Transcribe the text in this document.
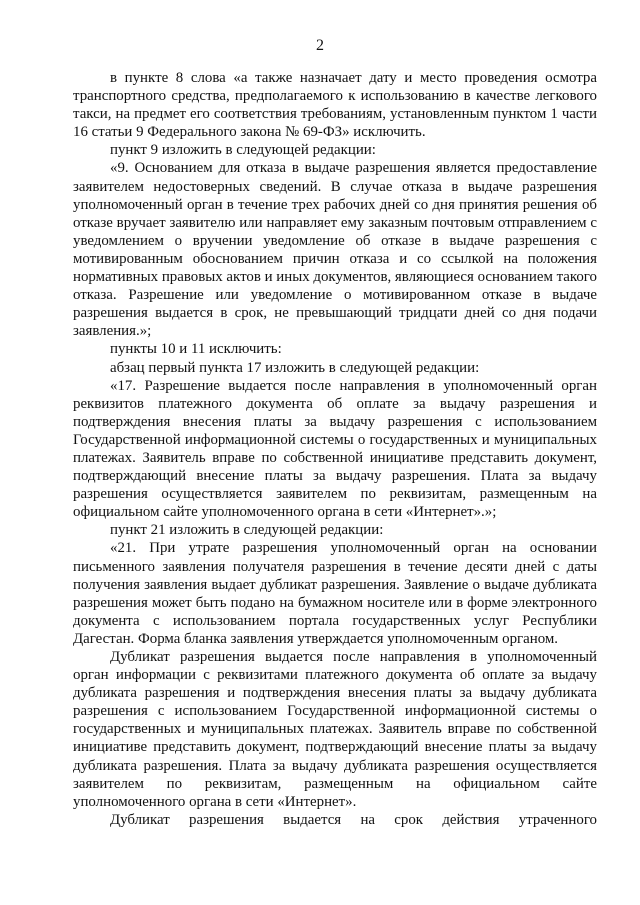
2

в пункте 8 слова «а также назначает дату и место проведения осмотра транспортного средства, предполагаемого к использованию в качестве легкового такси, на предмет его соответствия требованиям, установленным пунктом 1 части 16 статьи 9 Федерального закона № 69-ФЗ» исключить.

пункт 9 изложить в следующей редакции:

«9. Основанием для отказа в выдаче разрешения является предоставление заявителем недостоверных сведений. В случае отказа в выдаче разрешения уполномоченный орган в течение трех рабочих дней со дня принятия решения об отказе вручает заявителю или направляет ему заказным почтовым отправлением с уведомлением о вручении уведомление об отказе в выдаче разрешения с мотивированным обоснованием причин отказа и со ссылкой на положения нормативных правовых актов и иных документов, являющиеся основанием такого отказа. Разрешение или уведомление о мотивированном отказе в выдаче разрешения выдается в срок, не превышающий тридцати дней со дня подачи заявления.»;

пункты 10 и 11 исключить:

абзац первый пункта 17 изложить в следующей редакции:

«17. Разрешение выдается после направления в уполномоченный орган реквизитов платежного документа об оплате за выдачу разрешения и подтверждения внесения платы за выдачу разрешения с использованием Государственной информационной системы о государственных и муниципальных платежах. Заявитель вправе по собственной инициативе представить документ, подтверждающий внесение платы за выдачу разрешения. Плата за выдачу разрешения осуществляется заявителем по реквизитам, размещенным на официальном сайте уполномоченного органа в сети «Интернет».»;

пункт 21 изложить в следующей редакции:

«21. При утрате разрешения уполномоченный орган на основании письменного заявления получателя разрешения в течение десяти дней с даты получения заявления выдает дубликат разрешения. Заявление о выдаче дубликата разрешения может быть подано на бумажном носителе или в форме электронного документа с использованием портала государственных услуг Республики Дагестан. Форма бланка заявления утверждается уполномоченным органом.

Дубликат разрешения выдается после направления в уполномоченный орган информации с реквизитами платежного документа об оплате за выдачу дубликата разрешения и подтверждения внесения платы за выдачу дубликата разрешения с использованием Государственной информационной системы о государственных и муниципальных платежах. Заявитель вправе по собственной инициативе представить документ, подтверждающий внесение платы за выдачу дубликата разрешения. Плата за выдачу дубликата разрешения осуществляется заявителем по реквизитам, размещенным на официальном сайте уполномоченного органа в сети «Интернет».

Дубликат разрешения выдается на срок действия утраченного
